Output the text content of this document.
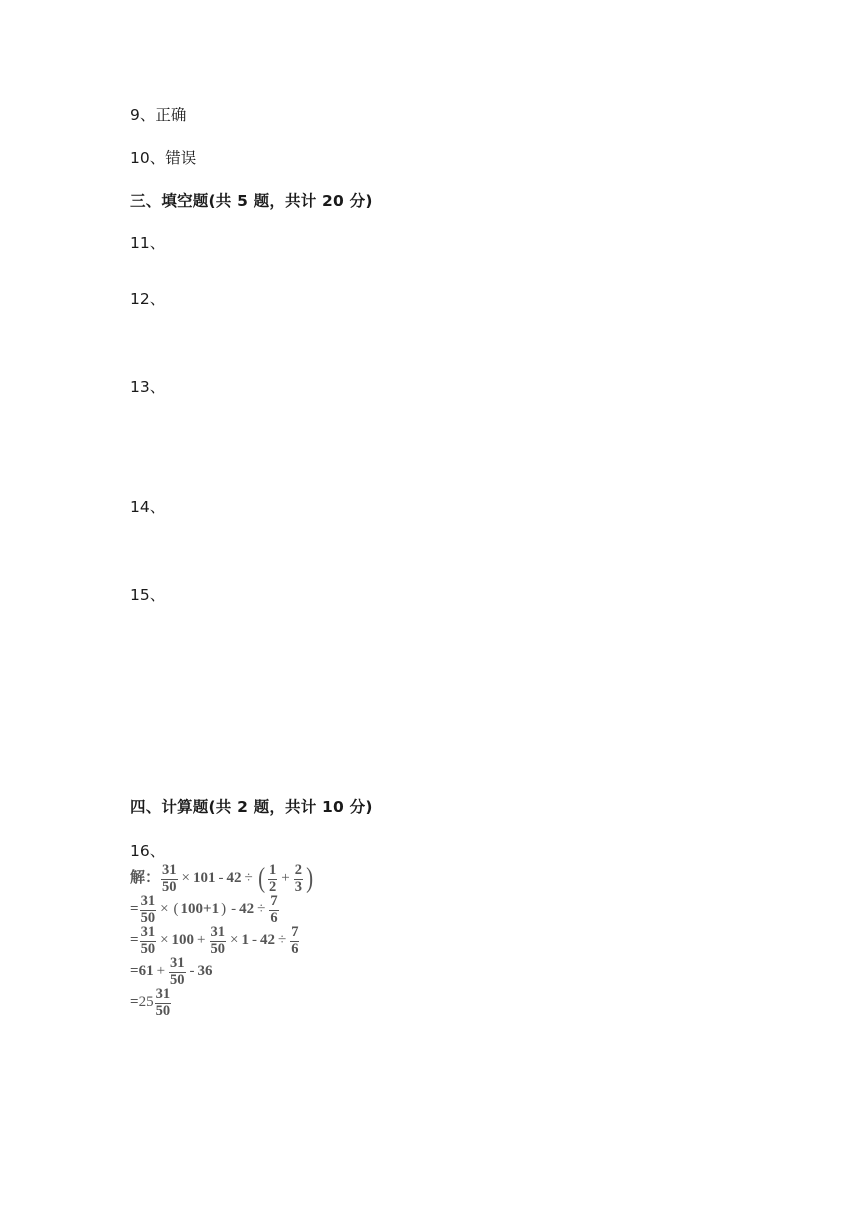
9、正确
10、错误
三、填空题(共 5 题，共计 20 分)
11、
12、
13、
14、
15、
四、计算题(共 2 题，共计 10 分)
16、
解： $\frac{31}{50} \times 101 - 42$ ÷ ( $\frac{1}{2} + \frac{2}{3}$ )
= $\frac{31}{50}$ × ( 100 + 1 ) - $42 \div \frac{7}{6}$
= $\frac{31}{50} \times 100 + \frac{31}{50} \times 1 - 42 \div \frac{7}{6}$
= $61 + \frac{31}{50} - 36$
= $25 \frac{31}{50}$
